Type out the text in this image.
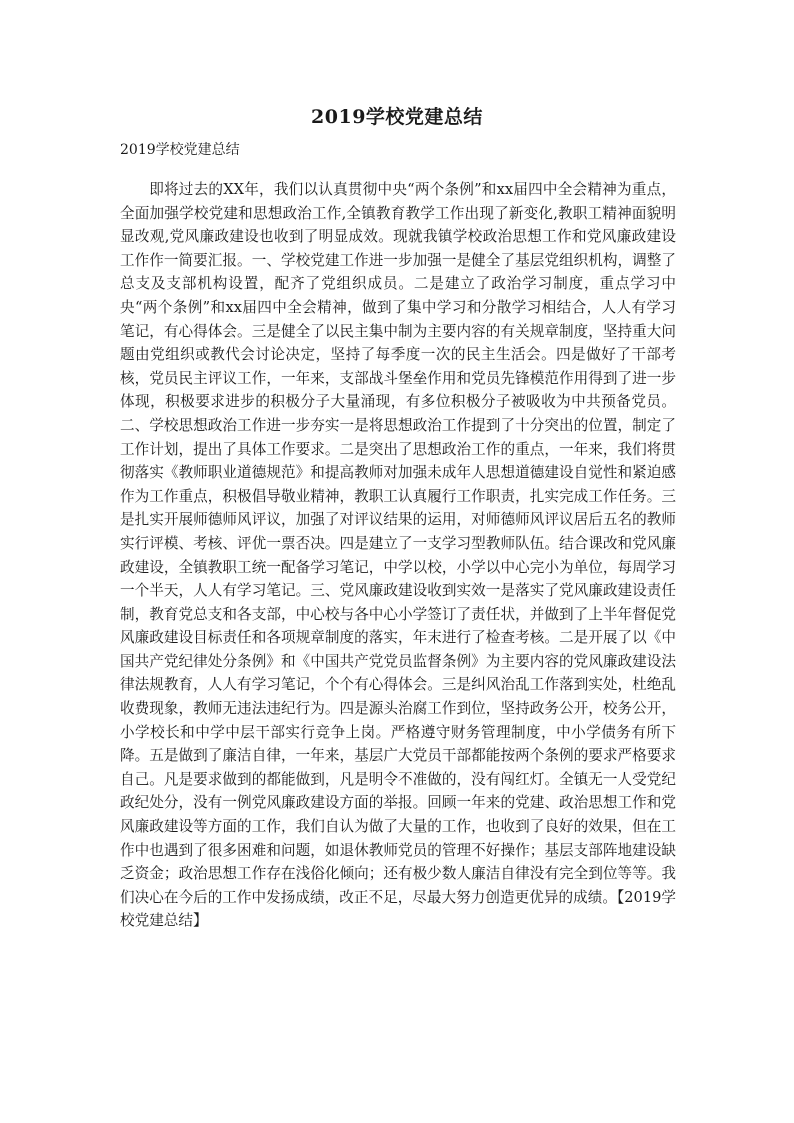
2019学校党建总结
2019学校党建总结
即将过去的XX年，我们以认真贯彻中央“两个条例”和xx届四中全会精神为重点，全面加强学校党建和思想政治工作,全镇教育教学工作出现了新变化,教职工精神面貌明显改观,党风廉政建设也收到了明显成效。现就我镇学校政治思想工作和党风廉政建设工作作一简要汇报。一、学校党建工作进一步加强一是健全了基层党组织机构，调整了总支及支部机构设置，配齐了党组织成员。二是建立了政治学习制度，重点学习中央“两个条例”和xx届四中全会精神，做到了集中学习和分散学习相结合，人人有学习笔记，有心得体会。三是健全了以民主集中制为主要内容的有关规章制度，坚持重大问题由党组织或教代会讨论决定，坚持了每季度一次的民主生活会。四是做好了干部考核，党员民主评议工作，一年来，支部战斗堡垒作用和党员先锋模范作用得到了进一步体现，积极要求进步的积极分子大量涌现，有多位积极分子被吸收为中共预备党员。二、学校思想政治工作进一步夯实一是将思想政治工作提到了十分突出的位置，制定了工作计划，提出了具体工作要求。二是突出了思想政治工作的重点，一年来，我们将贯彻落实《教师职业道德规范》和提高教师对加强未成年人思想道德建设自觉性和紧迫感作为工作重点，积极倡导敬业精神，教职工认真履行工作职责，扎实完成工作任务。三是扎实开展师德师风评议，加强了对评议结果的运用，对师德师风评议居后五名的教师实行评模、考核、评优一票否决。四是建立了一支学习型教师队伍。结合课改和党风廉政建设，全镇教职工统一配备学习笔记，中学以校，小学以中心完小为单位，每周学习一个半天，人人有学习笔记。三、党风廉政建设收到实效一是落实了党风廉政建设责任制，教育党总支和各支部，中心校与各中心小学签订了责任状，并做到了上半年督促党风廉政建设目标责任和各项规章制度的落实，年末进行了检查考核。二是开展了以《中国共产党纪律处分条例》和《中国共产党党员监督条例》为主要内容的党风廉政建设法律法规教育，人人有学习笔记，个个有心得体会。三是纠风治乱工作落到实处，杜绝乱收费现象，教师无违法违纪行为。四是源头治腐工作到位，坚持政务公开，校务公开，小学校长和中学中层干部实行竞争上岗。严格遵守财务管理制度，中小学债务有所下降。五是做到了廉洁自律，一年来，基层广大党员干部都能按两个条例的要求严格要求自己。凡是要求做到的都能做到，凡是明令不准做的，没有闯红灯。全镇无一人受党纪政纪处分，没有一例党风廉政建设方面的举报。回顾一年来的党建、政治思想工作和党风廉政建设等方面的工作，我们自认为做了大量的工作，也收到了良好的效果，但在工作中也遇到了很多困难和问题，如退休教师党员的管理不好操作；基层支部阵地建设缺乏资金；政治思想工作存在浅俗化倾向；还有极少数人廉洁自律没有完全到位等等。我们决心在今后的工作中发扬成绩，改正不足，尽最大努力创造更优异的成绩。【2019学校党建总结】
